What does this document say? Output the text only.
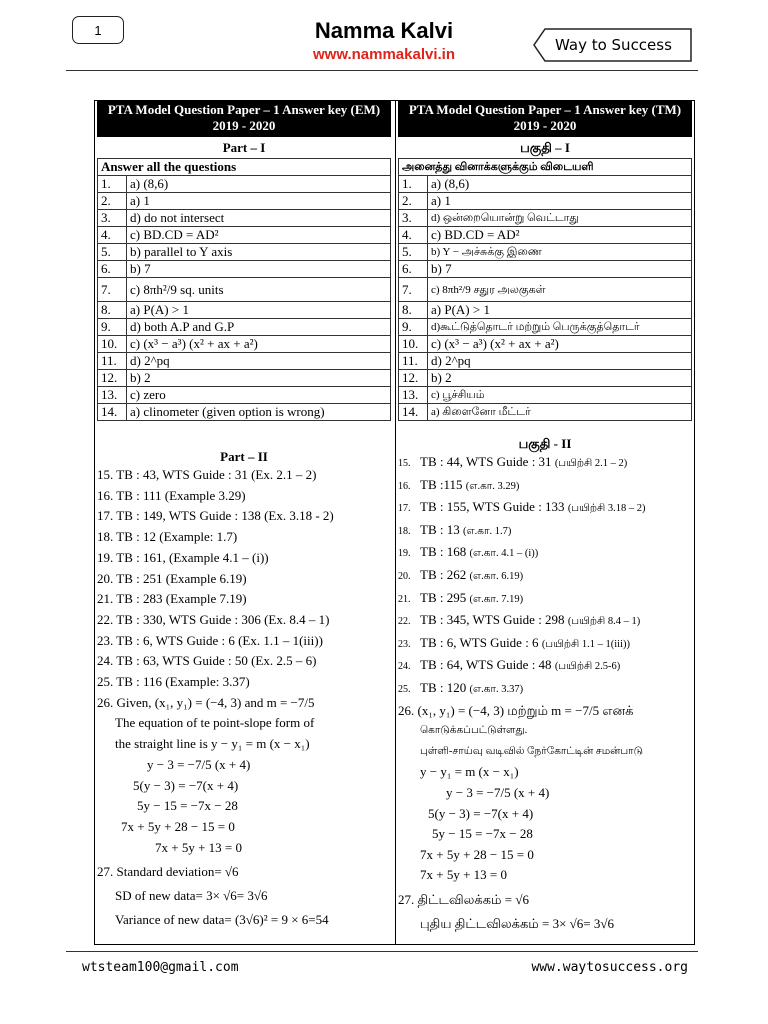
1	Namma Kalvi
www.nammakalvi.in
Way to Success
PTA Model Question Paper – 1 Answer key (EM)
2019 - 2020
Part – I
Answer all the questions	
1.	a) (8,6)
2.	a) 1
3.	d) do not intersect
4.	c) BD.CD = AD²
5.	b) parallel to Y axis
6.	b) 7
7.	c) 8πh²/9 sq. units
8.	a) P(A) > 1
9.	d) both A.P and G.P
10.	c) (x³ − a³) (x² + ax + a²)
11.	d) 2^pq
12.	b) 2
13.	c) zero
14.	a) clinometer (given option is wrong)
Part – II
15. TB : 43, WTS Guide : 31 (Ex. 2.1 – 2)
16. TB : 111 (Example 3.29)
17. TB : 149, WTS Guide : 138 (Ex. 3.18 - 2)
18. TB : 12 (Example: 1.7)
19. TB : 161, (Example 4.1 – (i))
20. TB : 251 (Example 6.19)
21. TB : 283 (Example 7.19)
22. TB : 330, WTS Guide : 306 (Ex. 8.4 – 1)
23. TB : 6, WTS Guide : 6 (Ex. 1.1 – 1(iii))
24. TB : 63, WTS Guide : 50 (Ex. 2.5 – 6)
25. TB : 116 (Example: 3.37)
26. Given, (x₁, y₁) = (−4, 3) and m = −7/5
The equation of te point-slope form of
the straight line is y − y₁ = m (x − x₁)
y − 3 = −7/5 (x + 4)
5(y − 3) = −7(x + 4)
5y − 15 = −7x − 28
7x + 5y + 28 − 15 = 0
7x + 5y + 13 = 0
27. Standard deviation= √6
SD of new data= 3× √6= 3√6
Variance of new data= (3√6)² = 9 × 6=54
PTA Model Question Paper – 1 Answer key (TM)
2019 - 2020
பகுதி – I
அனைத்து வினாக்களுக்கும் விடையளி	
1.	a) (8,6)
2.	a) 1
3.	d) ஒன்றையொன்று வெட்டாது
4.	c) BD.CD = AD²
5.	b) Y − அச்சுக்கு இணை
6.	b) 7
7.	c) 8πh²/9 சதுர அலகுகள்
8.	a) P(A) > 1
9.	d)கூட்டுத்தொடர் மற்றும் பெருக்குத்தொடர்
10.	c) (x³ − a³) (x² + ax + a²)
11.	d) 2^pq
12.	b) 2
13.	c) பூச்சியம்
14.	a) கிளைனோ மீட்டர்
பகுதி - II
15. TB : 44, WTS Guide : 31 (பயிற்சி 2.1 – 2)
16. TB :115 (எ.கா. 3.29)
17. TB : 155, WTS Guide : 133 (பயிற்சி 3.18 – 2)
18. TB : 13 (எ.கா. 1.7)
19. TB : 168 (எ.கா. 4.1 – (i))
20. TB : 262 (எ.கா. 6.19)
21. TB : 295 (எ.கா. 7.19)
22. TB : 345, WTS Guide : 298 (பயிற்சி 8.4 – 1)
23. TB : 6, WTS Guide : 6 (பயிற்சி 1.1 – 1(iii))
24. TB : 64, WTS Guide : 48 (பயிற்சி 2.5-6)
25. TB : 120 (எ.கா. 3.37)
26. (x₁, y₁) = (−4, 3) மற்றும் m = −7/5 எனக்
கொடுக்கப்பட்டுள்ளது.
புள்ளி-சாய்வு வடிவில் நேர்கோட்டின் சமன்பாடு
y − y₁ = m (x − x₁)
y − 3 = −7/5 (x + 4)
5(y − 3) = −7(x + 4)
5y − 15 = −7x − 28
7x + 5y + 28 − 15 = 0
7x + 5y + 13 = 0
27. திட்டவிலக்கம் = √6
புதிய திட்டவிலக்கம் = 3× √6= 3√6
wtsteam100@gmail.com	www.waytosuccess.org
